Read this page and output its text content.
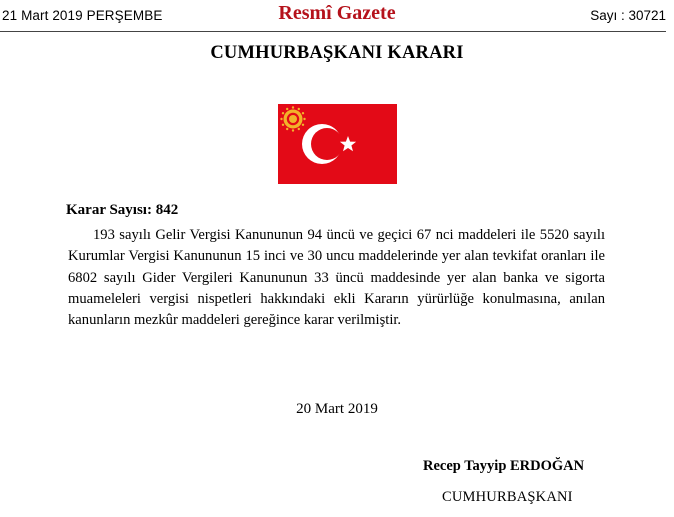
21 Mart 2019 PERŞEMBE	Resmî Gazete	Sayı : 30721
CUMHURBAŞKANI KARARI
Karar Sayısı: 842
193 sayılı Gelir Vergisi Kanununun 94 üncü ve geçici 67 nci maddeleri ile 5520 sayılı Kurumlar Vergisi Kanununun 15 inci ve 30 uncu maddelerinde yer alan tevkifat oranları ile 6802 sayılı Gider Vergileri Kanununun 33 üncü maddesinde yer alan banka ve sigorta muameleleri vergisi nispetleri hakkındaki ekli Kararın yürürlüğe konulmasına, anılan kanunların mezkûr maddeleri gereğince karar verilmiştir.
20 Mart 2019
Recep Tayyip ERDOĞAN
CUMHURBAŞKANI
